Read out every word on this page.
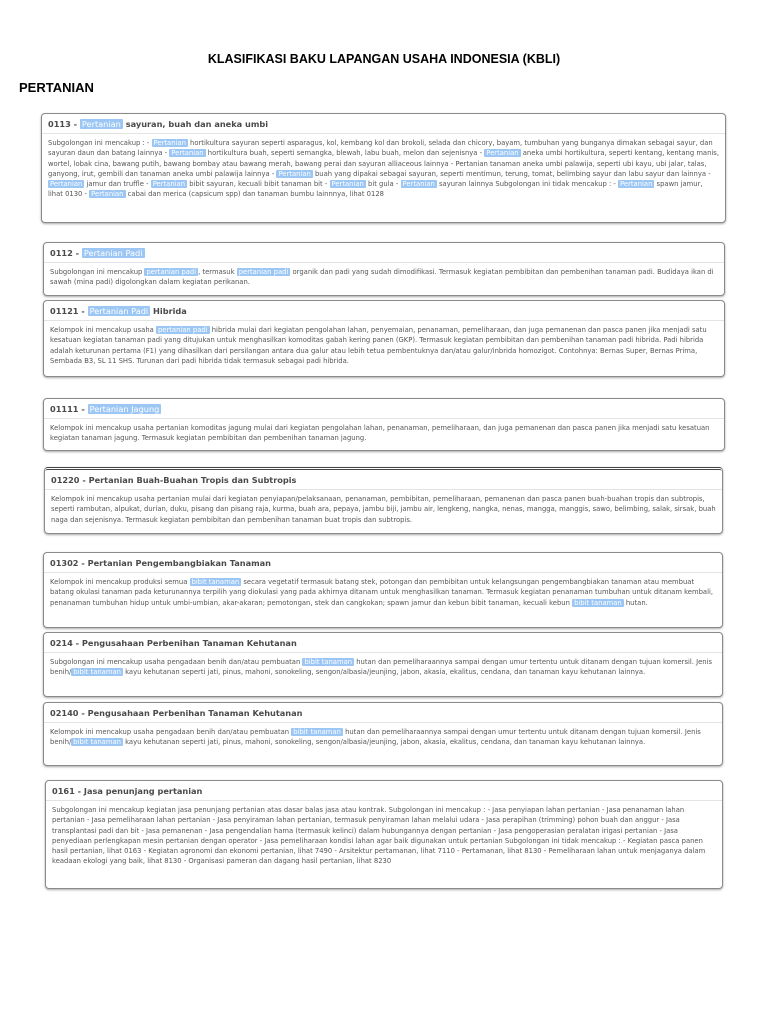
KLASIFIKASI BAKU LAPANGAN USAHA INDONESIA (KBLI)
PERTANIAN
0113 - Pertanian sayuran, buah dan aneka umbi
Subgolongan ini mencakup : - Pertanian hortikultura sayuran seperti asparagus, kol, kembang kol dan brokoli, selada dan chicory, bayam, tumbuhan yang bunganya dimakan sebagai sayur, dan sayuran daun dan batang lainnya - Pertanian hortikultura buah, seperti semangka, blewah, labu buah, melon dan sejenisnya - Pertanian aneka umbi hortikultura, seperti kentang, kentang manis, wortel, lobak cina, bawang putih, bawang bombay atau bawang merah, bawang perai dan sayuran alliaceous lainnya - Pertanian tanaman aneka umbi palawija, seperti ubi kayu, ubi jalar, talas, ganyong, irut, gembili dan tanaman aneka umbi palawija lainnya - Pertanian buah yang dipakai sebagai sayuran, seperti mentimun, terung, tomat, belimbing sayur dan labu sayur dan lainnya - Pertanian jamur dan truffle - Pertanian bibit sayuran, kecuali bibit tanaman bit - Pertanian bit gula - Pertanian sayuran lainnya Subgolongan ini tidak mencakup : - Pertanian spawn jamur, lihat 0130 - Pertanian cabai dan merica (capsicum spp) dan tanaman bumbu lainnnya, lihat 0128
0112 - Pertanian Padi
Subgolongan ini mencakup pertanian padi , termasuk pertanian padi organik dan padi yang sudah dimodifikasi. Termasuk kegiatan pembibitan dan pembenihan tanaman padi. Budidaya ikan di sawah (mina padi) digolongkan dalam kegiatan perikanan.
01121 - Pertanian Padi Hibrida
Kelompok ini mencakup usaha pertanian padi hibrida mulai dari kegiatan pengolahan lahan, penyemaian, penanaman, pemeliharaan, dan juga pemanenan dan pasca panen jika menjadi satu kesatuan kegiatan tanaman padi yang ditujukan untuk menghasilkan komoditas gabah kering panen (GKP). Termasuk kegiatan pembibitan dan pembenihan tanaman padi hibrida. Padi hibrida adalah keturunan pertama (F1) yang dihasilkan dari persilangan antara dua galur atau lebih tetua pembentuknya dan/atau galur/inbrida homozigot. Contohnya: Bernas Super, Bernas Prima, Sembada B3, SL 11 SHS. Turunan dari padi hibrida tidak termasuk sebagai padi hibrida.
01111 - Pertanian Jagung
Kelompok ini mencakup usaha pertanian komoditas jagung mulai dari kegiatan pengolahan lahan, penanaman, pemeliharaan, dan juga pemanenan dan pasca panen jika menjadi satu kesatuan kegiatan tanaman jagung. Termasuk kegiatan pembibitan dan pembenihan tanaman jagung.
01220 - Pertanian Buah-Buahan Tropis dan Subtropis
Kelompok ini mencakup usaha pertanian mulai dari kegiatan penyiapan/pelaksanaan, penanaman, pembibitan, pemeliharaan, pemanenan dan pasca panen buah-buahan tropis dan subtropis, seperti rambutan, alpukat, durian, duku, pisang dan pisang raja, kurma, buah ara, pepaya, jambu biji, jambu air, lengkeng, nangka, nenas, mangga, manggis, sawo, belimbing, salak, sirsak, buah naga dan sejenisnya. Termasuk kegiatan pembibitan dan pembenihan tanaman buat tropis dan subtropis.
01302 - Pertanian Pengembangbiakan Tanaman
Kelompok ini mencakup produksi semua bibit tanaman secara vegetatif termasuk batang stek, potongan dan pembibitan untuk kelangsungan pengembangbiakan tanaman atau membuat batang okulasi tanaman pada keturunannya terpilih yang diokulasi yang pada akhirnya ditanam untuk menghasilkan tanaman. Termasuk kegiatan penanaman tumbuhan untuk ditanam kembali, penanaman tumbuhan hidup untuk umbi-umbian, akar-akaran; pemotongan, stek dan cangkokan; spawn jamur dan kebun bibit tanaman, kecuali kebun bibit tanaman hutan.
0214 - Pengusahaan Perbenihan Tanaman Kehutanan
Subgolongan ini mencakup usaha pengadaan benih dan/atau pembuatan bibit tanaman hutan dan pemeliharaannya sampai dengan umur tertentu untuk ditanam dengan tujuan komersil. Jenis benih/ bibit tanaman kayu kehutanan seperti jati, pinus, mahoni, sonokeling, sengon/albasia/jeunjing, jabon, akasia, ekalitus, cendana, dan tanaman kayu kehutanan lainnya.
02140 - Pengusahaan Perbenihan Tanaman Kehutanan
Kelompok ini mencakup usaha pengadaan benih dan/atau pembuatan bibit tanaman hutan dan pemeliharaannya sampai dengan umur tertentu untuk ditanam dengan tujuan komersil. Jenis benih/ bibit tanaman kayu kehutanan seperti jati, pinus, mahoni, sonokeling, sengon/albasia/jeunjing, jabon, akasia, ekalitus, cendana, dan tanaman kayu kehutanan lainnya.
0161 - Jasa penunjang pertanian
Subgolongan ini mencakup kegiatan jasa penunjang pertanian atas dasar balas jasa atau kontrak. Subgolongan ini mencakup : - Jasa penyiapan lahan pertanian - Jasa penanaman lahan pertanian - Jasa pemeliharaan lahan pertanian - Jasa penyiraman lahan pertanian, termasuk penyiraman lahan melalui udara - Jasa perapihan (trimming) pohon buah dan anggur - Jasa transplantasi padi dan bit - Jasa pemanenan - Jasa pengendalian hama (termasuk kelinci) dalam hubungannya dengan pertanian - Jasa pengoperasian peralatan irigasi pertanian - Jasa penyediaan perlengkapan mesin pertanian dengan operator - Jasa pemeliharaan kondisi lahan agar baik digunakan untuk pertanian Subgolongan ini tidak mencakup : - Kegiatan pasca panen hasil pertanian, lihat 0163 - Kegiatan agronomi dan ekonomi pertanian, lihat 7490 - Arsitektur pertamanan, lihat 7110 - Pertamanan, lihat 8130 - Pemeliharaan lahan untuk menjaganya dalam keadaan ekologi yang baik, lihat 8130 - Organisasi pameran dan dagang hasil pertanian, lihat 8230
